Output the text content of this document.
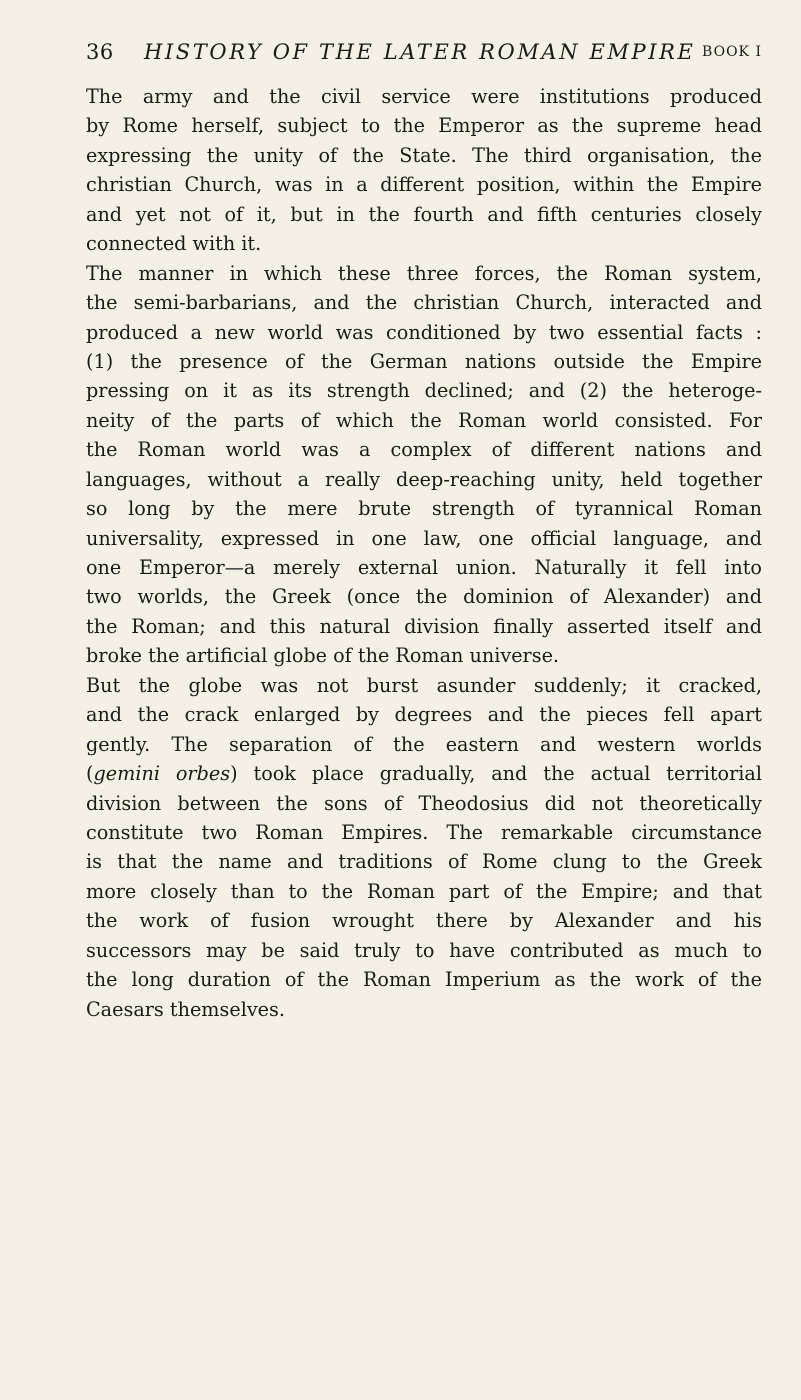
36 HISTORY OF THE LATER ROMAN EMPIRE BOOK I
The army and the civil service were institutions produced
by Rome herself, subject to the Emperor as the supreme head
expressing the unity of the State. The third organisation, the
christian Church, was in a different position, within the Empire
and yet not of it, but in the fourth and fifth centuries closely
connected with it.
The manner in which these three forces, the Roman system,
the semi-barbarians, and the christian Church, interacted and
produced a new world was conditioned by two essential facts :
(1) the presence of the German nations outside the Empire
pressing on it as its strength declined; and (2) the heteroge-
neity of the parts of which the Roman world consisted. For
the Roman world was a complex of different nations and
languages, without a really deep-reaching unity, held together
so long by the mere brute strength of tyrannical Roman
universality, expressed in one law, one official language, and
one Emperor—a merely external union. Naturally it fell into
two worlds, the Greek (once the dominion of Alexander) and
the Roman; and this natural division finally asserted itself and
broke the artificial globe of the Roman universe.
But the globe was not burst asunder suddenly; it cracked,
and the crack enlarged by degrees and the pieces fell apart
gently. The separation of the eastern and western worlds
(gemini orbes) took place gradually, and the actual territorial
division between the sons of Theodosius did not theoretically
constitute two Roman Empires. The remarkable circumstance
is that the name and traditions of Rome clung to the Greek
more closely than to the Roman part of the Empire; and that
the work of fusion wrought there by Alexander and his
successors may be said truly to have contributed as much to
the long duration of the Roman Imperium as the work of the
Caesars themselves.
